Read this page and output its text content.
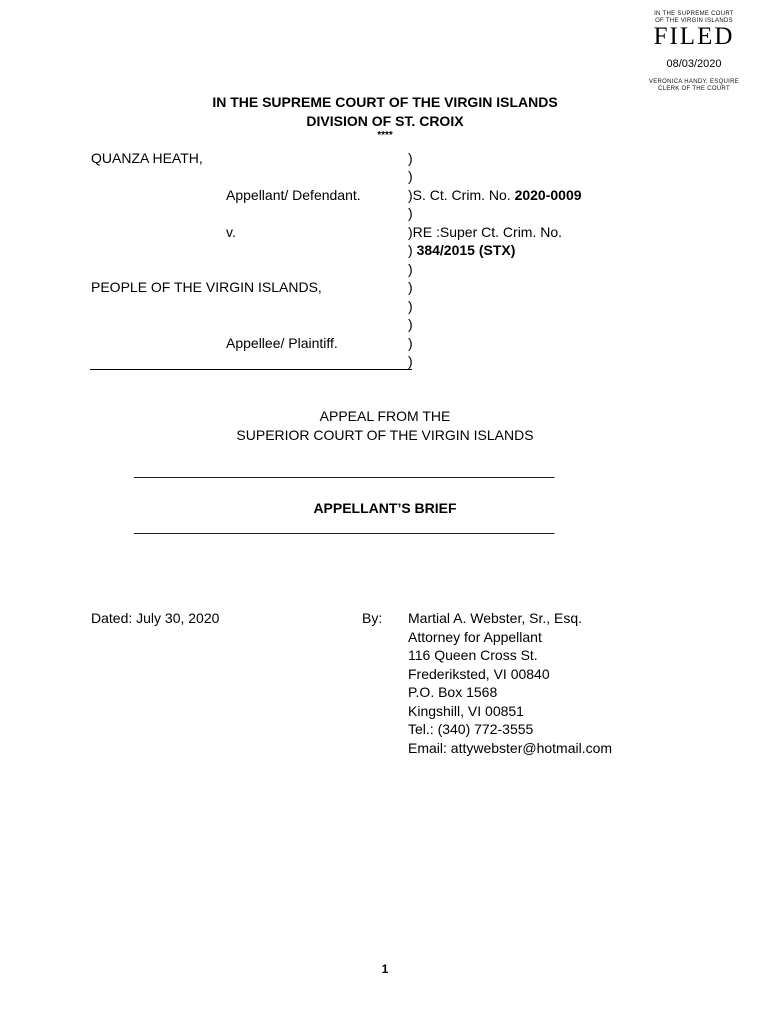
IN THE SUPREME COURT
OF THE VIRGIN ISLANDS
FILED
08/03/2020
VERONICA HANDY, ESQUIRE
CLERK OF THE COURT
IN THE SUPREME COURT OF THE VIRGIN ISLANDS
DIVISION OF ST. CROIX
****
QUANZA HEATH,
Appellant/ Defendant.
v.
PEOPLE OF THE VIRGIN ISLANDS,
Appellee/ Plaintiff.
)
)
)S. Ct. Crim. No. 2020-0009
)
)RE :Super Ct. Crim. No.
) 384/2015 (STX)
)
)
)
)
)
)
APPEAL FROM THE
SUPERIOR COURT OF THE VIRGIN ISLANDS
______________________________________________________
APPELLANT’S BRIEF
______________________________________________________
Dated: July 30, 2020	By: Martial A. Webster, Sr., Esq.
Attorney for Appellant
116 Queen Cross St.
Frederiksted, VI 00840
P.O. Box 1568
Kingshill, VI 00851
Tel.: (340) 772-3555
Email: attywebster@hotmail.com
1
